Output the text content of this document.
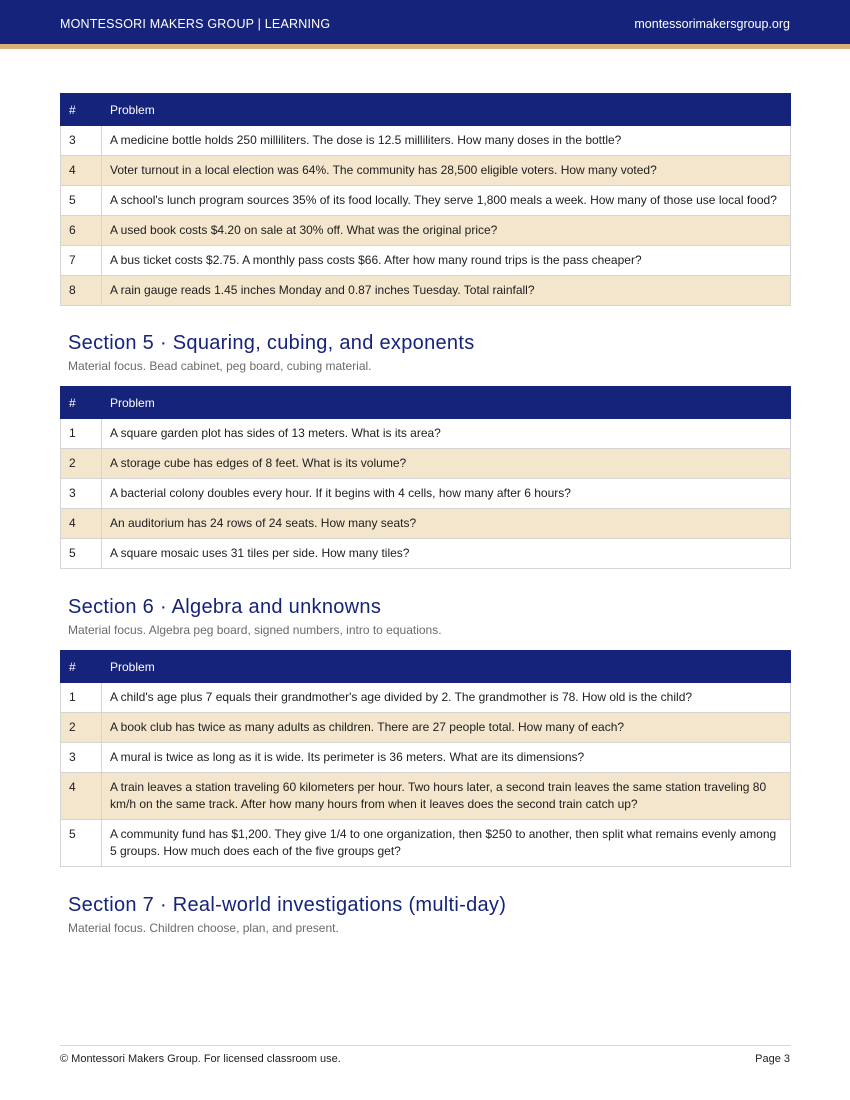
MONTESSORI MAKERS GROUP | LEARNING	montessorimakersgroup.org
#	Problem
3	A medicine bottle holds 250 milliliters. The dose is 12.5 milliliters. How many doses in the bottle?
4	Voter turnout in a local election was 64%. The community has 28,500 eligible voters. How many voted?
5	A school's lunch program sources 35% of its food locally. They serve 1,800 meals a week. How many of those use local food?
6	A used book costs $4.20 on sale at 30% off. What was the original price?
7	A bus ticket costs $2.75. A monthly pass costs $66. After how many round trips is the pass cheaper?
8	A rain gauge reads 1.45 inches Monday and 0.87 inches Tuesday. Total rainfall?
Section 5 · Squaring, cubing, and exponents
Material focus. Bead cabinet, peg board, cubing material.
#	Problem
1	A square garden plot has sides of 13 meters. What is its area?
2	A storage cube has edges of 8 feet. What is its volume?
3	A bacterial colony doubles every hour. If it begins with 4 cells, how many after 6 hours?
4	An auditorium has 24 rows of 24 seats. How many seats?
5	A square mosaic uses 31 tiles per side. How many tiles?
Section 6 · Algebra and unknowns
Material focus. Algebra peg board, signed numbers, intro to equations.
#	Problem
1	A child's age plus 7 equals their grandmother's age divided by 2. The grandmother is 78. How old is the child?
2	A book club has twice as many adults as children. There are 27 people total. How many of each?
3	A mural is twice as long as it is wide. Its perimeter is 36 meters. What are its dimensions?
4	A train leaves a station traveling 60 kilometers per hour. Two hours later, a second train leaves the same station traveling 80 km/h on the same track. After how many hours from when it leaves does the second train catch up?
5	A community fund has $1,200. They give 1/4 to one organization, then $250 to another, then split what remains evenly among 5 groups. How much does each of the five groups get?
Section 7 · Real-world investigations (multi-day)
Material focus. Children choose, plan, and present.
© Montessori Makers Group. For licensed classroom use.	Page 3
